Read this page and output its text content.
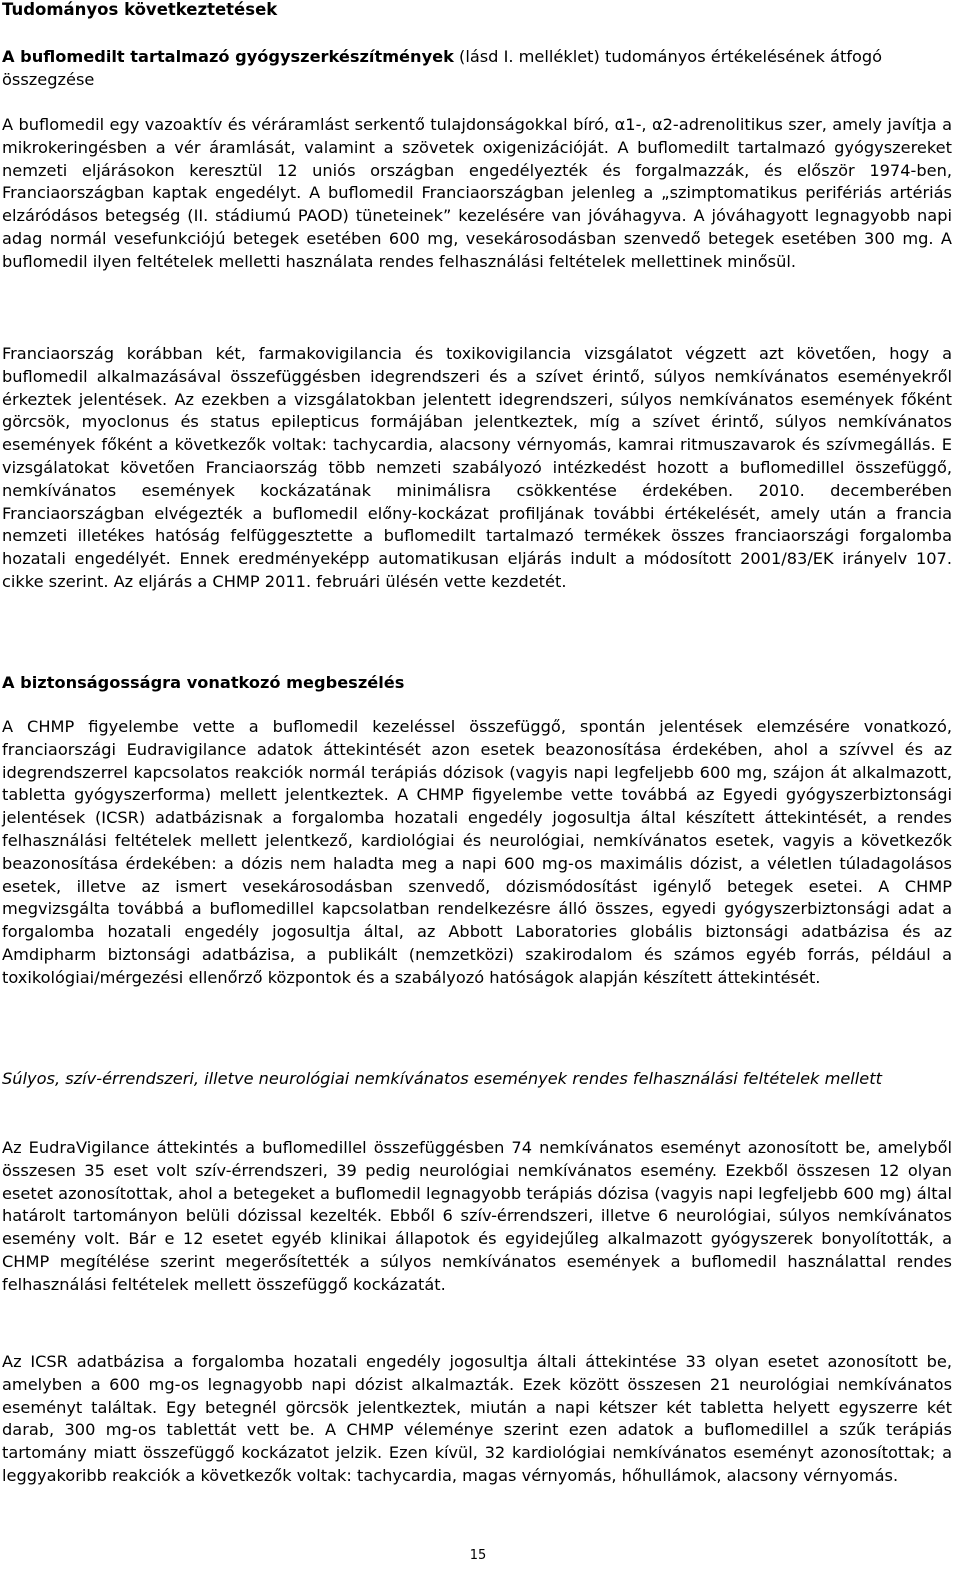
Tudományos következtetések

A buflomedilt tartalmazó gyógyszerkészítmények (lásd I. melléklet) tudományos értékelésének átfogó összegzése

A buflomedil egy vazoaktív és véráramlást serkentő tulajdonságokkal bíró, α1-, α2-adrenolitikus szer, amely javítja a mikrokeringésben a vér áramlását, valamint a szövetek oxigenizációját. A buflomedilt tartalmazó gyógyszereket nemzeti eljárásokon keresztül 12 uniós országban engedélyezték és forgalmazzák, és először 1974-ben, Franciaországban kaptak engedélyt. A buflomedil Franciaországban jelenleg a „szimptomatikus perifériás artériás elzáródásos betegség (II. stádiumú PAOD) tüneteinek” kezelésére van jóváhagyva. A jóváhagyott legnagyobb napi adag normál vesefunkciójú betegek esetében 600 mg, vesekárosodásban szenvedő betegek esetében 300 mg. A buflomedil ilyen feltételek melletti használata rendes felhasználási feltételek mellettinek minősül.

Franciaország korábban két, farmakovigilancia és toxikovigilancia vizsgálatot végzett azt követően, hogy a buflomedil alkalmazásával összefüggésben idegrendszeri és a szívet érintő, súlyos nemkívánatos eseményekről érkeztek jelentések. Az ezekben a vizsgálatokban jelentett idegrendszeri, súlyos nemkívánatos események főként görcsök, myoclonus és status epilepticus formájában jelentkeztek, míg a szívet érintő, súlyos nemkívánatos események főként a következők voltak: tachycardia, alacsony vérnyomás, kamrai ritmuszavarok és szívmegállás. E vizsgálatokat követően Franciaország több nemzeti szabályozó intézkedést hozott a buflomedillel összefüggő, nemkívánatos események kockázatának minimálisra csökkentése érdekében. 2010. decemberében Franciaországban elvégezték a buflomedil előny-kockázat profiljának további értékelését, amely után a francia nemzeti illetékes hatóság felfüggesztette a buflomedilt tartalmazó termékek összes franciaországi forgalomba hozatali engedélyét. Ennek eredményeképp automatikusan eljárás indult a módosított 2001/83/EK irányelv 107. cikke szerint. Az eljárás a CHMP 2011. februári ülésén vette kezdetét.

A biztonságosságra vonatkozó megbeszélés

A CHMP figyelembe vette a buflomedil kezeléssel összefüggő, spontán jelentések elemzésére vonatkozó, franciaországi Eudravigilance adatok áttekintését azon esetek beazonosítása érdekében, ahol a szívvel és az idegrendszerrel kapcsolatos reakciók normál terápiás dózisok (vagyis napi legfeljebb 600 mg, szájon át alkalmazott, tabletta gyógyszerforma) mellett jelentkeztek. A CHMP figyelembe vette továbbá az Egyedi gyógyszerbiztonsági jelentések (ICSR) adatbázisnak a forgalomba hozatali engedély jogosultja által készített áttekintését, a rendes felhasználási feltételek mellett jelentkező, kardiológiai és neurológiai, nemkívánatos esetek, vagyis a következők beazonosítása érdekében: a dózis nem haladta meg a napi 600 mg-os maximális dózist, a véletlen túladagolásos esetek, illetve az ismert vesekárosodásban szenvedő, dózismódosítást igénylő betegek esetei. A CHMP megvizsgálta továbbá a buflomedillel kapcsolatban rendelkezésre álló összes, egyedi gyógyszerbiztonsági adat a forgalomba hozatali engedély jogosultja által, az Abbott Laboratories globális biztonsági adatbázisa és az Amdipharm biztonsági adatbázisa, a publikált (nemzetközi) szakirodalom és számos egyéb forrás, például a toxikológiai/mérgezési ellenőrző központok és a szabályozó hatóságok alapján készített áttekintését.

Súlyos, szív-érrendszeri, illetve neurológiai nemkívánatos események rendes felhasználási feltételek mellett

Az EudraVigilance áttekintés a buflomedillel összefüggésben 74 nemkívánatos eseményt azonosított be, amelyből összesen 35 eset volt szív-érrendszeri, 39 pedig neurológiai nemkívánatos esemény. Ezekből összesen 12 olyan esetet azonosítottak, ahol a betegeket a buflomedil legnagyobb terápiás dózisa (vagyis napi legfeljebb 600 mg) által határolt tartományon belüli dózissal kezelték. Ebből 6 szív-érrendszeri, illetve 6 neurológiai, súlyos nemkívánatos esemény volt. Bár e 12 esetet egyéb klinikai állapotok és egyidejűleg alkalmazott gyógyszerek bonyolították, a CHMP megítélése szerint megerősítették a súlyos nemkívánatos események a buflomedil használattal rendes felhasználási feltételek mellett összefüggő kockázatát.

Az ICSR adatbázisa a forgalomba hozatali engedély jogosultja általi áttekintése 33 olyan esetet azonosított be, amelyben a 600 mg-os legnagyobb napi dózist alkalmazták. Ezek között összesen 21 neurológiai nemkívánatos eseményt találtak. Egy betegnél görcsök jelentkeztek, miután a napi kétszer két tabletta helyett egyszerre két darab, 300 mg-os tablettát vett be. A CHMP véleménye szerint ezen adatok a buflomedillel a szűk terápiás tartomány miatt összefüggő kockázatot jelzik. Ezen kívül, 32 kardiológiai nemkívánatos eseményt azonosítottak; a leggyakoribb reakciók a következők voltak: tachycardia, magas vérnyomás, hőhullámok, alacsony vérnyomás.

15
